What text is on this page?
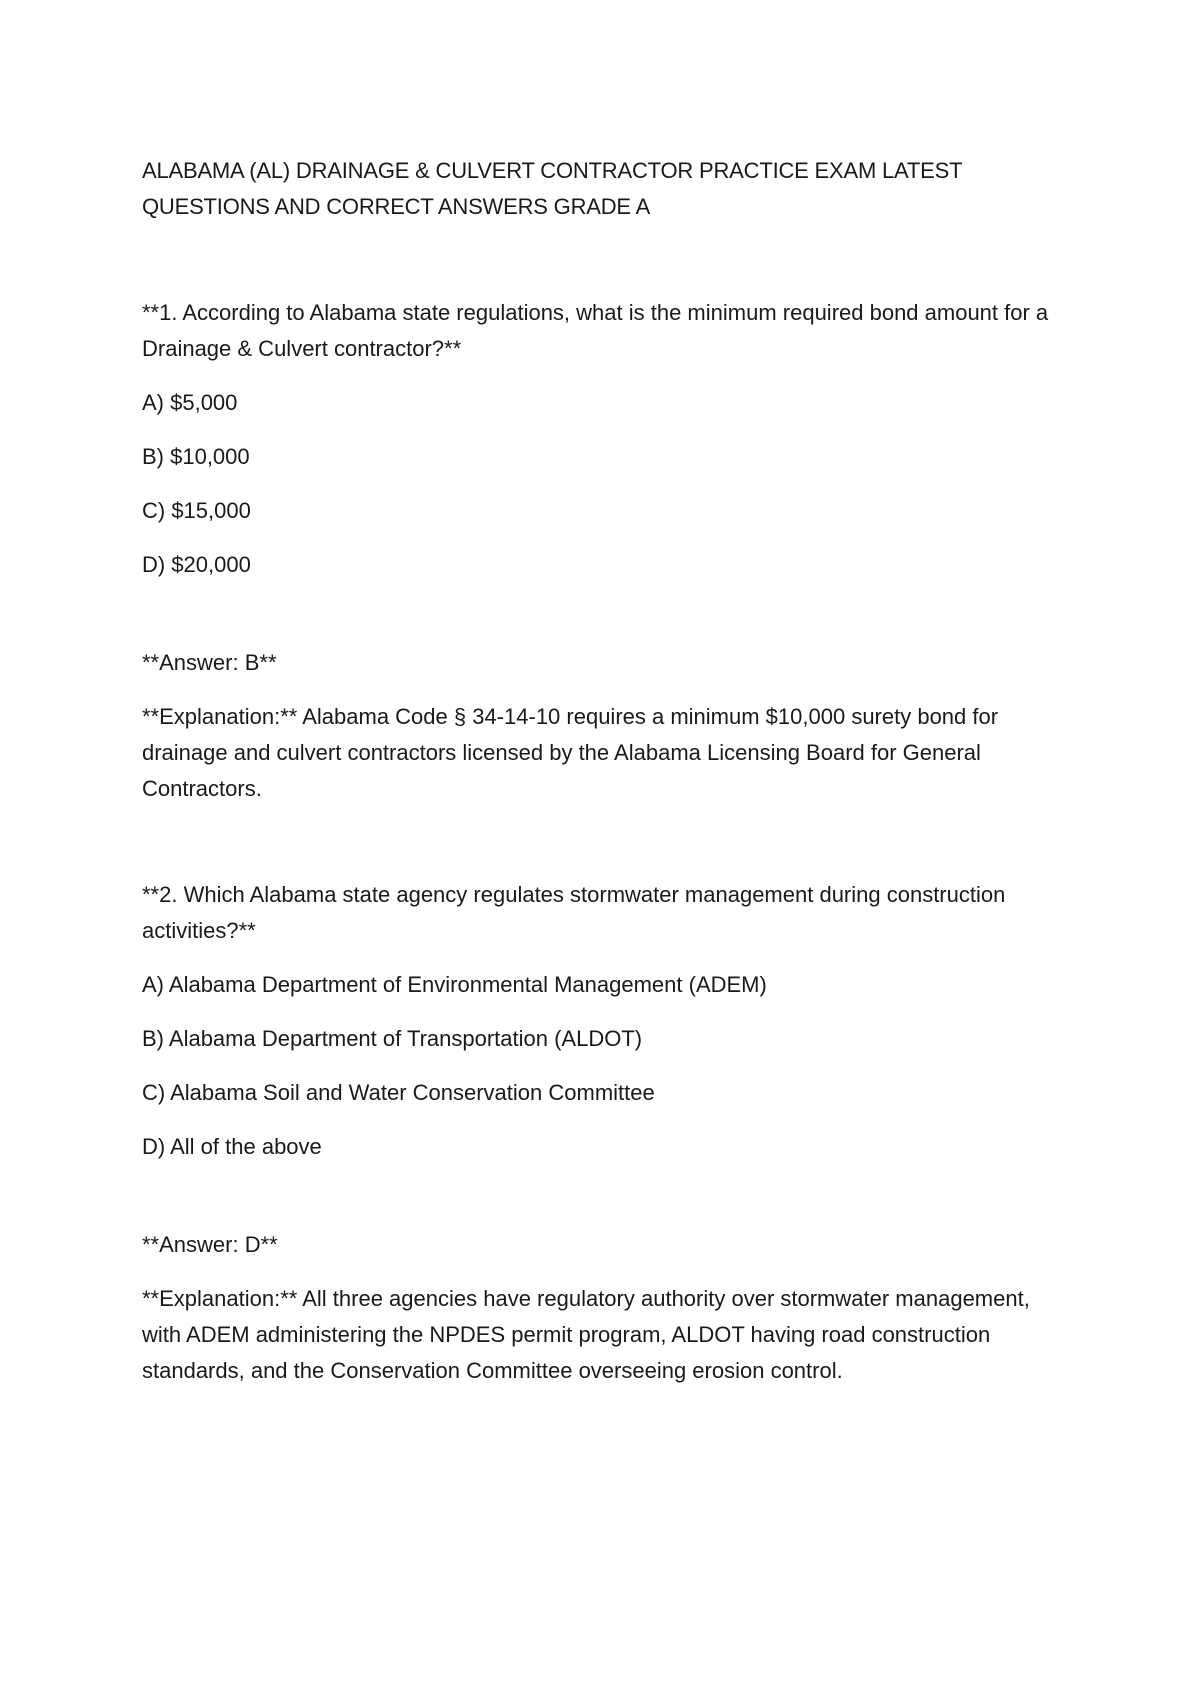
ALABAMA (AL) DRAINAGE & CULVERT CONTRACTOR PRACTICE EXAM LATEST QUESTIONS AND CORRECT ANSWERS GRADE A

**1. According to Alabama state regulations, what is the minimum required bond amount for a Drainage & Culvert contractor?**

A) $5,000

B) $10,000

C) $15,000

D) $20,000

**Answer: B**

**Explanation:** Alabama Code § 34-14-10 requires a minimum $10,000 surety bond for drainage and culvert contractors licensed by the Alabama Licensing Board for General Contractors.

**2. Which Alabama state agency regulates stormwater management during construction activities?**

A) Alabama Department of Environmental Management (ADEM)

B) Alabama Department of Transportation (ALDOT)

C) Alabama Soil and Water Conservation Committee

D) All of the above

**Answer: D**

**Explanation:** All three agencies have regulatory authority over stormwater management, with ADEM administering the NPDES permit program, ALDOT having road construction standards, and the Conservation Committee overseeing erosion control.
